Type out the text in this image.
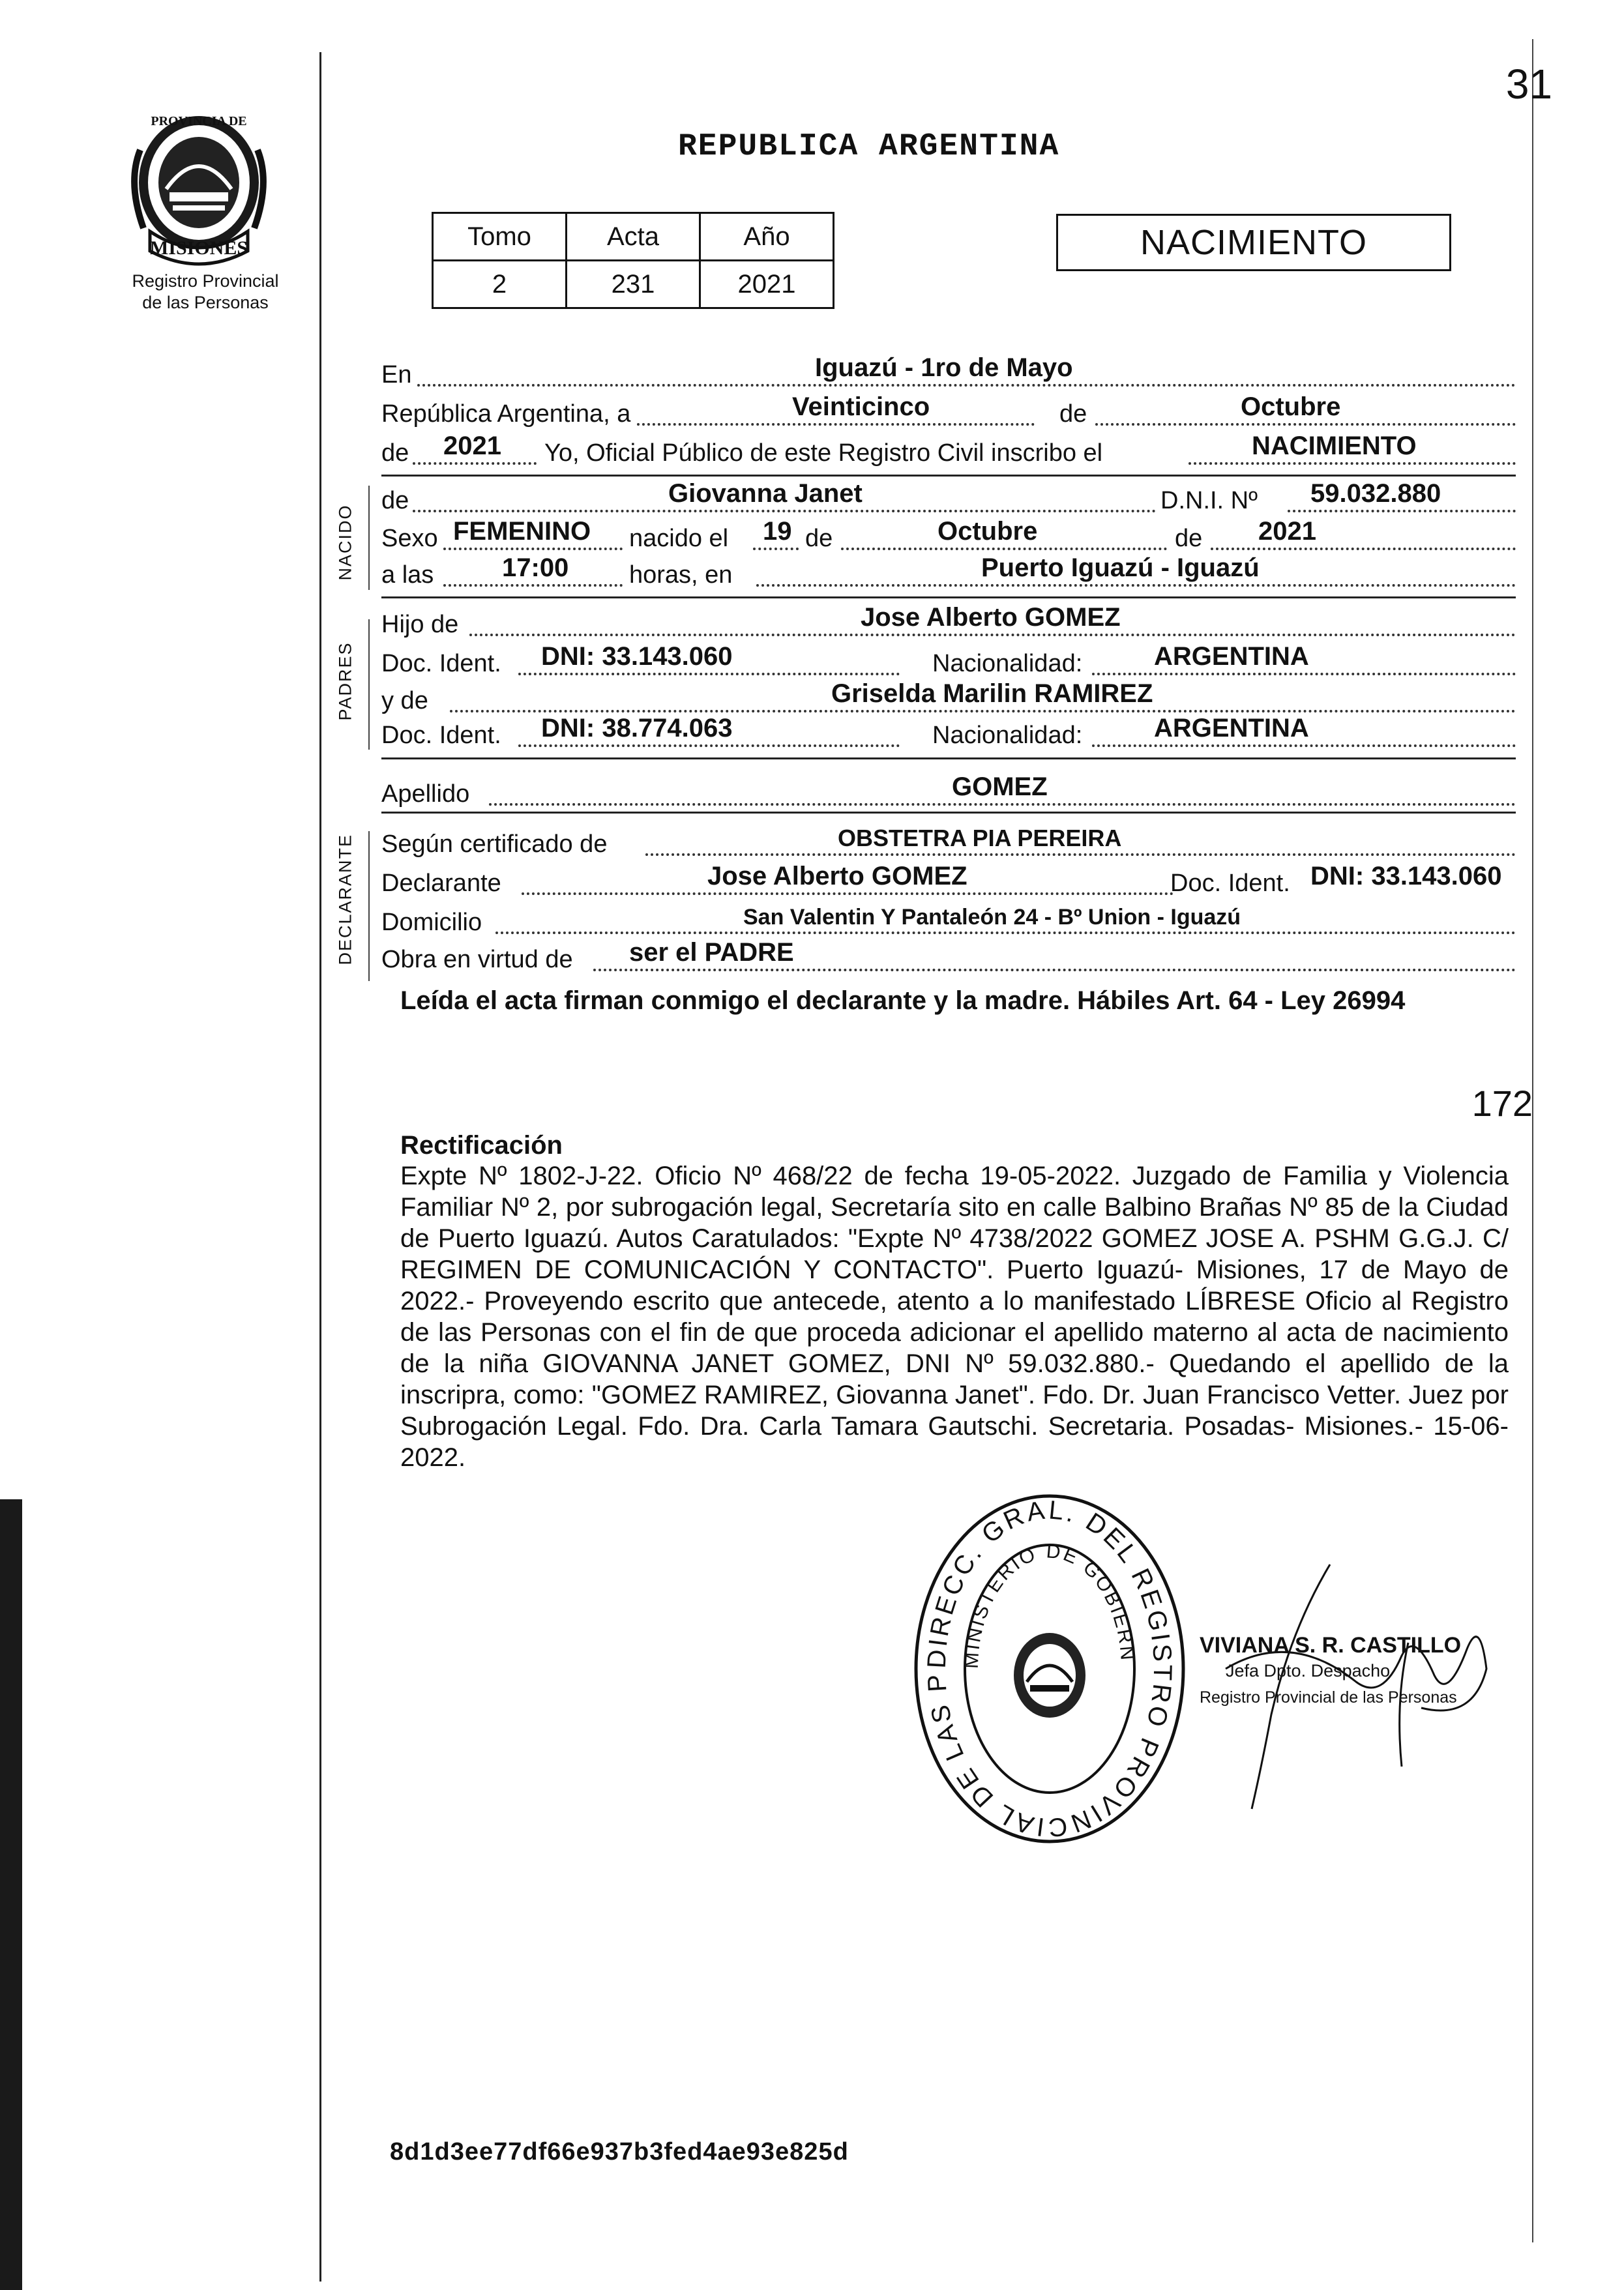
31
MISIONES
PROVINCIA DE
Registro Provincial
de las Personas
REPUBLICA ARGENTINA
Tomo	Acta	Año
2	231	2021
NACIMIENTO
NACIDO
PADRES
DECLARANTE
En	Iguazú - 1ro de Mayo
República Argentina, a	Veinticinco	de	Octubre
de 2021 Yo, Oficial Público de este Registro Civil inscribo el	NACIMIENTO
de	Giovanna Janet	D.N.I. Nº 59.032.880
Sexo FEMENINO nacido el 19 de	Octubre	de 2021
a las	17:00 horas, en	Puerto Iguazú - Iguazú
Hijo de	Jose Alberto GOMEZ
Doc. Ident. DNI: 33.143.060	Nacionalidad:	ARGENTINA
y de	Griselda Marilin RAMIREZ
Doc. Ident. DNI: 38.774.063	Nacionalidad:	ARGENTINA
Apellido	GOMEZ
Según certificado de	OBSTETRA PIA PEREIRA
Declarante	Jose Alberto GOMEZ	Doc. Ident. DNI: 33.143.060
Domicilio	San Valentin Y Pantaleón 24 - Bº Union - Iguazú
Obra en virtud de ser el PADRE
Leída el acta firman conmigo el declarante y la madre. Hábiles Art. 64 - Ley 26994
172
Rectificación
Expte Nº 1802-J-22. Oficio Nº 468/22 de fecha 19-05-2022. Juzgado de Familia y Violencia Familiar Nº 2, por subrogación legal, Secretaría sito en calle Balbino Brañas Nº 85 de la Ciudad de Puerto Iguazú. Autos Caratulados: "Expte Nº 4738/2022 GOMEZ JOSE A. PSHM G.G.J. C/ REGIMEN DE COMUNICACIÓN Y CONTACTO". Puerto Iguazú- Misiones, 17 de Mayo de 2022.- Proveyendo escrito que antecede, atento a lo manifestado LÍBRESE Oficio al Registro de las Personas con el fin de que proceda adicionar el apellido materno al acta de nacimiento de la niña GIOVANNA JANET GOMEZ, DNI Nº 59.032.880.- Quedando el apellido de la inscripra, como: "GOMEZ RAMIREZ, Giovanna Janet". Fdo. Dr. Juan Francisco Vetter. Juez por Subrogación Legal. Fdo. Dra. Carla Tamara Gautschi. Secretaria. Posadas- Misiones.- 15-06-2022.
DIRECC. GRAL. DEL REGISTRO PROVINCIAL DE LAS P
MINISTERIO DE GOBIERN	VIVIANA S. R. CASTILLO
Jefa Dpto. Despacho
Registro Provincial de las Personas
8d1d3ee77df66e937b3fed4ae93e825d
